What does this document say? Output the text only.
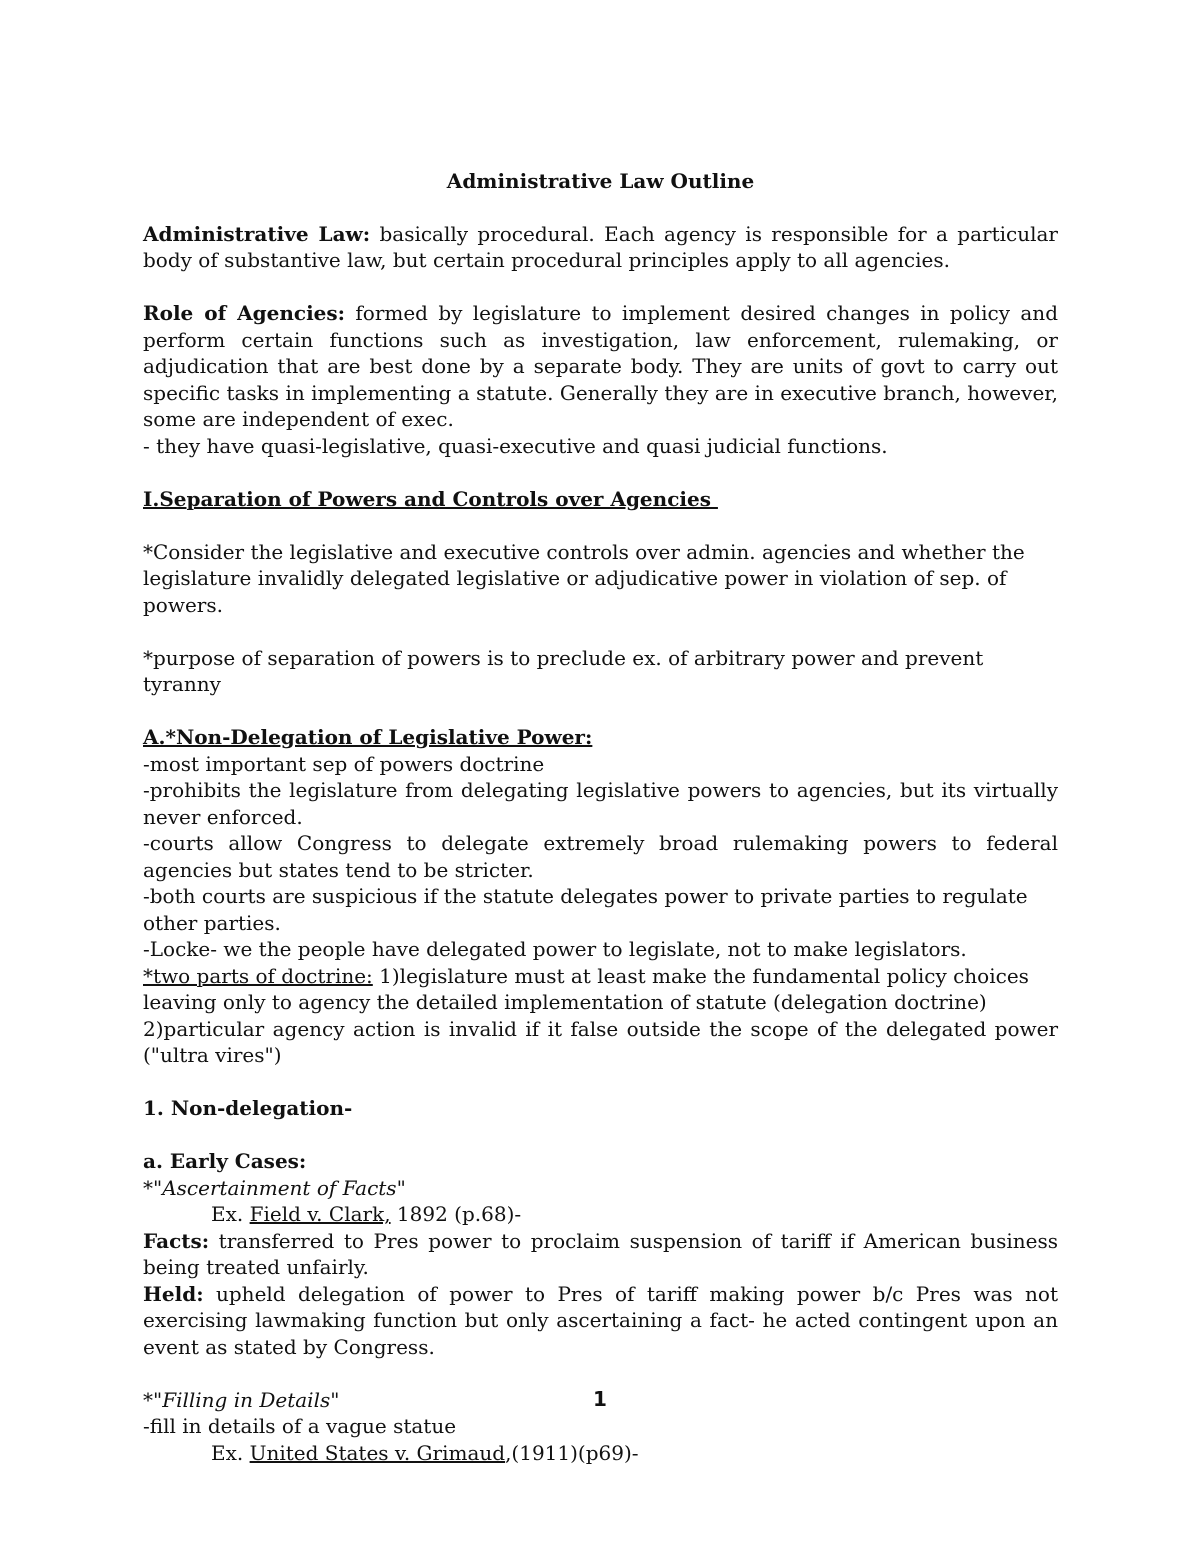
Administrative Law Outline

Administrative Law: basically procedural. Each agency is responsible for a particular body of substantive law, but certain procedural principles apply to all agencies.

Role of Agencies: formed by legislature to implement desired changes in policy and perform certain functions such as investigation, law enforcement, rulemaking, or adjudication that are best done by a separate body. They are units of govt to carry out specific tasks in implementing a statute. Generally they are in executive branch, however, some are independent of exec.

- they have quasi-legislative, quasi-executive and quasi judicial functions.

I.Separation of Powers and Controls over Agencies

*Consider the legislative and executive controls over admin. agencies and whether the legislature invalidly delegated legislative or adjudicative power in violation of sep. of powers.

*purpose of separation of powers is to preclude ex. of arbitrary power and prevent tyranny

A.*Non-Delegation of Legislative Power:

-most important sep of powers doctrine

-prohibits the legislature from delegating legislative powers to agencies, but its virtually never enforced.

-courts allow Congress to delegate extremely broad rulemaking powers to federal agencies but states tend to be stricter.

-both courts are suspicious if the statute delegates power to private parties to regulate other parties.

-Locke- we the people have delegated power to legislate, not to make legislators.

*two parts of doctrine: 1)legislature must at least make the fundamental policy choices leaving only to agency the detailed implementation of statute (delegation doctrine)

2)particular agency action is invalid if it false outside the scope of the delegated power ("ultra vires")

1. Non-delegation-

a. Early Cases:

*"Ascertainment of Facts"

Ex. Field v. Clark, 1892 (p.68)-

Facts: transferred to Pres power to proclaim suspension of tariff if American business being treated unfairly.

Held: upheld delegation of power to Pres of tariff making power b/c Pres was not exercising lawmaking function but only ascertaining a fact- he acted contingent upon an event as stated by Congress.

*"Filling in Details"

-fill in details of a vague statue

Ex. United States v. Grimaud,(1911)(p69)-

1
